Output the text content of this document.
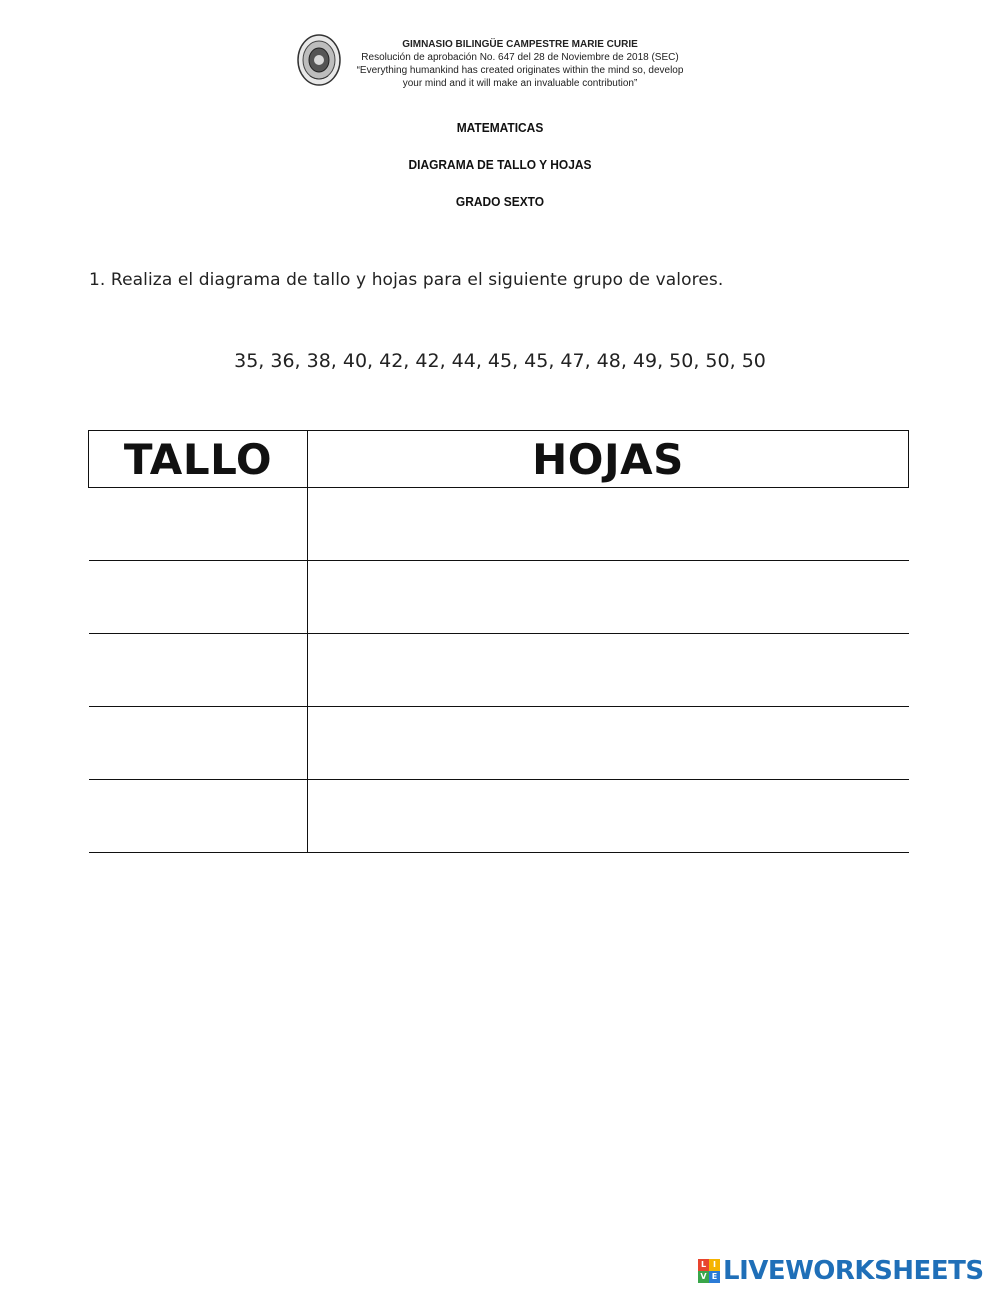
GIMNASIO BILINGÜE CAMPESTRE MARIE CURIE
Resolución de aprobación No. 647 del 28 de Noviembre de 2018 (SEC)
“Everything humankind has created originates within the mind so, develop
your mind and it will make an invaluable contribution”
MATEMATICAS
DIAGRAMA DE TALLO Y HOJAS
GRADO SEXTO
1. Realiza el diagrama de tallo y hojas para el siguiente grupo de valores.
35, 36, 38, 40, 42, 42, 44, 45, 45, 47, 48, 49, 50, 50, 50
TALLO	HOJAS

L I
V E LIVEWORKSHEETS
